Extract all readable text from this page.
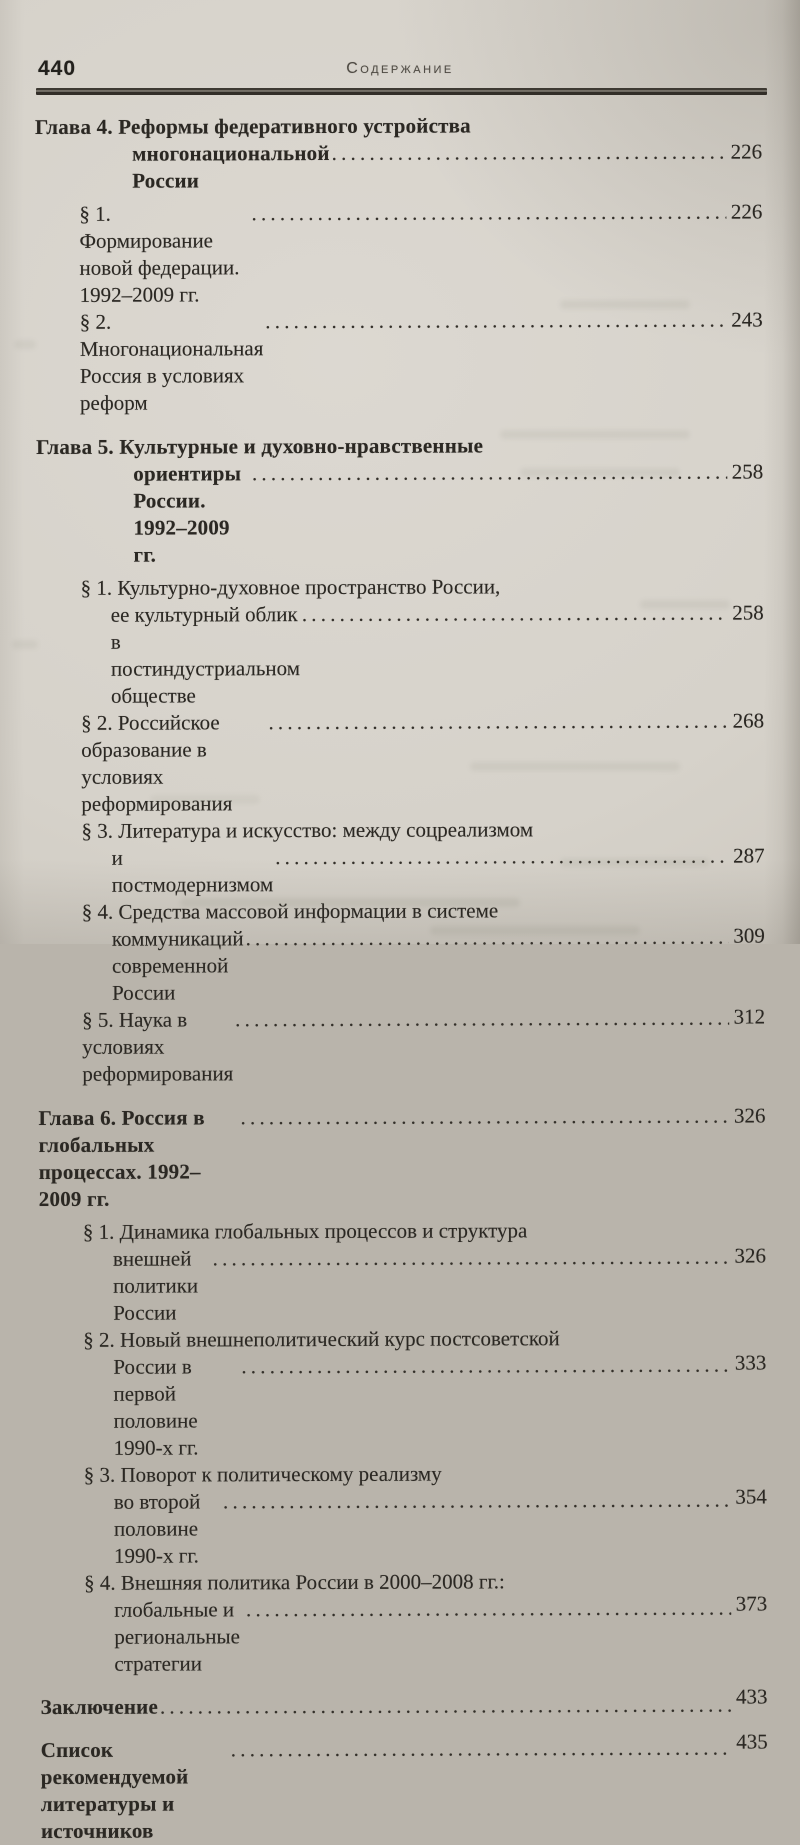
440	Содержание
Глава 4. Реформы федеративного устройства
многонациональной России
.....
226
§ 1. Формирование новой федерации. 1992–2009 гг.
.....
226
§ 2. Многонациональная Россия в условиях реформ
.....
243
Глава 5. Культурные и духовно-нравственные
ориентиры России. 1992–2009 гг.
.....
258
§ 1. Культурно-духовное пространство России,
ее культурный облик в постиндустриальном обществе
.....
258
§ 2. Российское образование в условиях реформирования
.....
268
§ 3. Литература и искусство: между соцреализмом
и постмодернизмом
.....
287
§ 4. Средства массовой информации в системе
коммуникаций современной России
.....
309
§ 5. Наука в условиях реформирования
.....
312
Глава 6. Россия в глобальных процессах. 1992–2009 гг.
.....
326
§ 1. Динамика глобальных процессов и структура
внешней политики России
.....
326
§ 2. Новый внешнеполитический курс постсоветской
России в первой половине 1990-х гг.
.....
333
§ 3. Поворот к политическому реализму
во второй половине 1990-х гг.
.....
354
§ 4. Внешняя политика России в 2000–2008 гг.:
глобальные и региональные стратегии
.....
373
Заключение .....	433
Список рекомендуемой литературы и источников
.....
435
